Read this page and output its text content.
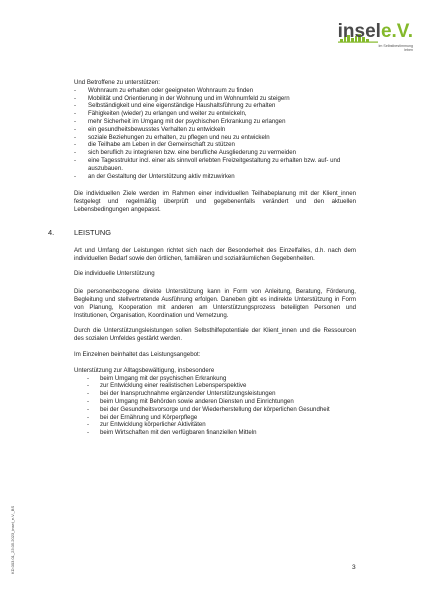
insele.V.
Im Selbstbestimmung
leben

Und Betroffene zu unterstützen:

- Wohnraum zu erhalten oder geeigneten Wohnraum zu finden
- Mobilität und Orientierung in der Wohnung und im Wohnumfeld zu steigern
- Selbständigkeit und eine eigenständige Haushaltsführung zu erhalten
- Fähigkeiten (wieder) zu erlangen und weiter zu entwickeln,
- mehr Sicherheit im Umgang mit der psychischen Erkrankung zu erlangen
- ein gesundheitsbewusstes Verhalten zu entwickeln
- soziale Beziehungen zu erhalten, zu pflegen und neu zu entwickeln
- die Teilhabe am Leben in der Gemeinschaft zu stützen
- sich beruflich zu integrieren bzw. eine berufliche Ausgliederung zu vermeiden
- eine Tagesstruktur incl. einer als sinnvoll erlebten Freizeitgestaltung zu erhalten bzw. auf- und auszubauen.
- an der Gestaltung der Unterstützung aktiv mitzuwirken

Die individuellen Ziele werden im Rahmen einer individuellen Teilhabeplanung mit der Klient_innen festgelegt und regelmäßig überprüft und gegebenenfalls verändert und den aktuellen Lebensbedingungen angepasst.

4.	LEISTUNG

Art und Umfang der Leistungen richtet sich nach der Besonderheit des Einzelfalles, d.h. nach dem individuellen Bedarf sowie den örtlichen, familiären und sozialräumlichen Gegebenheiten.

Die individuelle Unterstützung

Die personenbezogene direkte Unterstützung kann in Form von Anleitung, Beratung, Förderung, Begleitung und stellvertretende Ausführung erfolgen. Daneben gibt es indirekte Unterstützung in Form von Planung, Kooperation mit anderen am Unterstützungsprozess beteiligten Personen und Institutionen, Organisation, Koordination und Vernetzung.

Durch die Unterstützungsleistungen sollen Selbsthilfepotentiale der Klient_innen und die Ressourcen des sozialen Umfeldes gestärkt werden.

Im Einzelnen beinhaltet das Leistungsangebot:

Unterstützung zur Alltagsbewältigung, insbesondere

- beim Umgang mit der psychischen Erkrankung
- zur Entwicklung einer realistischen Lebensperspektive
- bei der Inanspruchnahme ergänzender Unterstützungsleistungen
- beim Umgang mit Behörden sowie anderen Diensten und Einrichtungen
- bei der Gesundheitsvorsorge und der Wiederherstellung der körperlichen Gesundheit
- bei der Ernährung und Körperpflege
- zur Entwicklung körperlicher Aktivitäten
- beim Wirtschaften mit den verfügbaren finanziellen Mitteln
KD.003.01_23.05.2023_insel_e.V._BS	3
